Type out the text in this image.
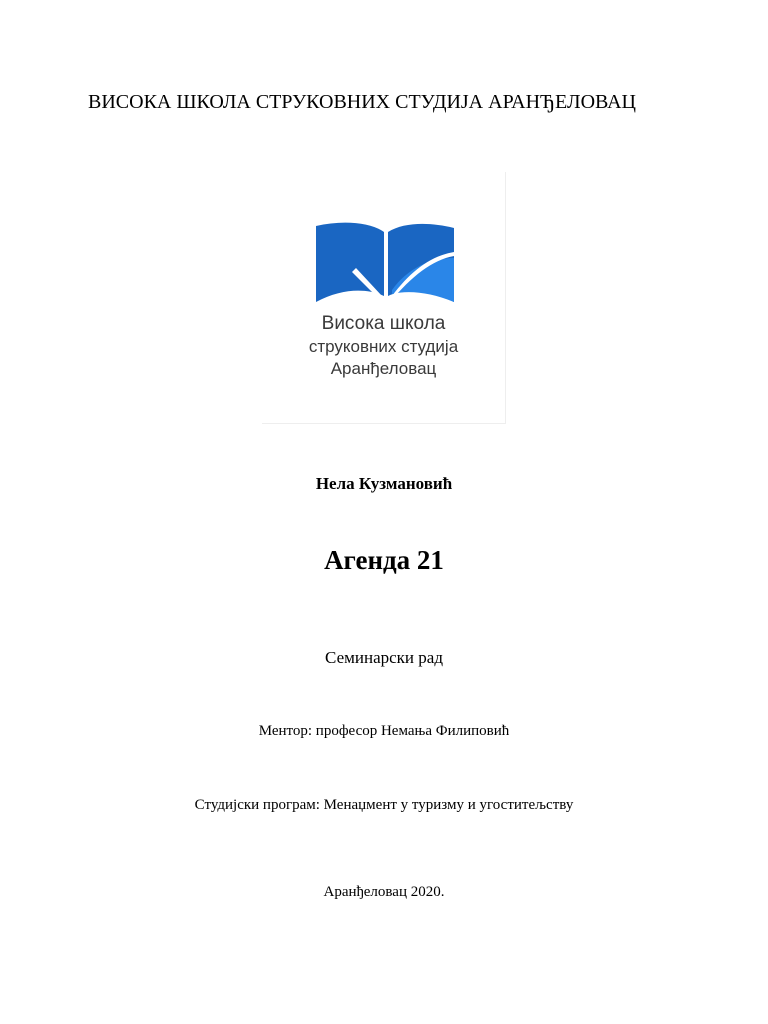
ВИСОКА ШКОЛА СТРУКОВНИХ СТУДИЈА АРАНЂЕЛОВАЦ
Висока школа
струковних студија
Аранђеловац
Нела Кузмановић
Агенда 21
Семинарски рад
Ментор: професор Немања Филиповић
Студијски програм: Менаџмент у туризму и угоститељству
Аранђеловац 2020.
